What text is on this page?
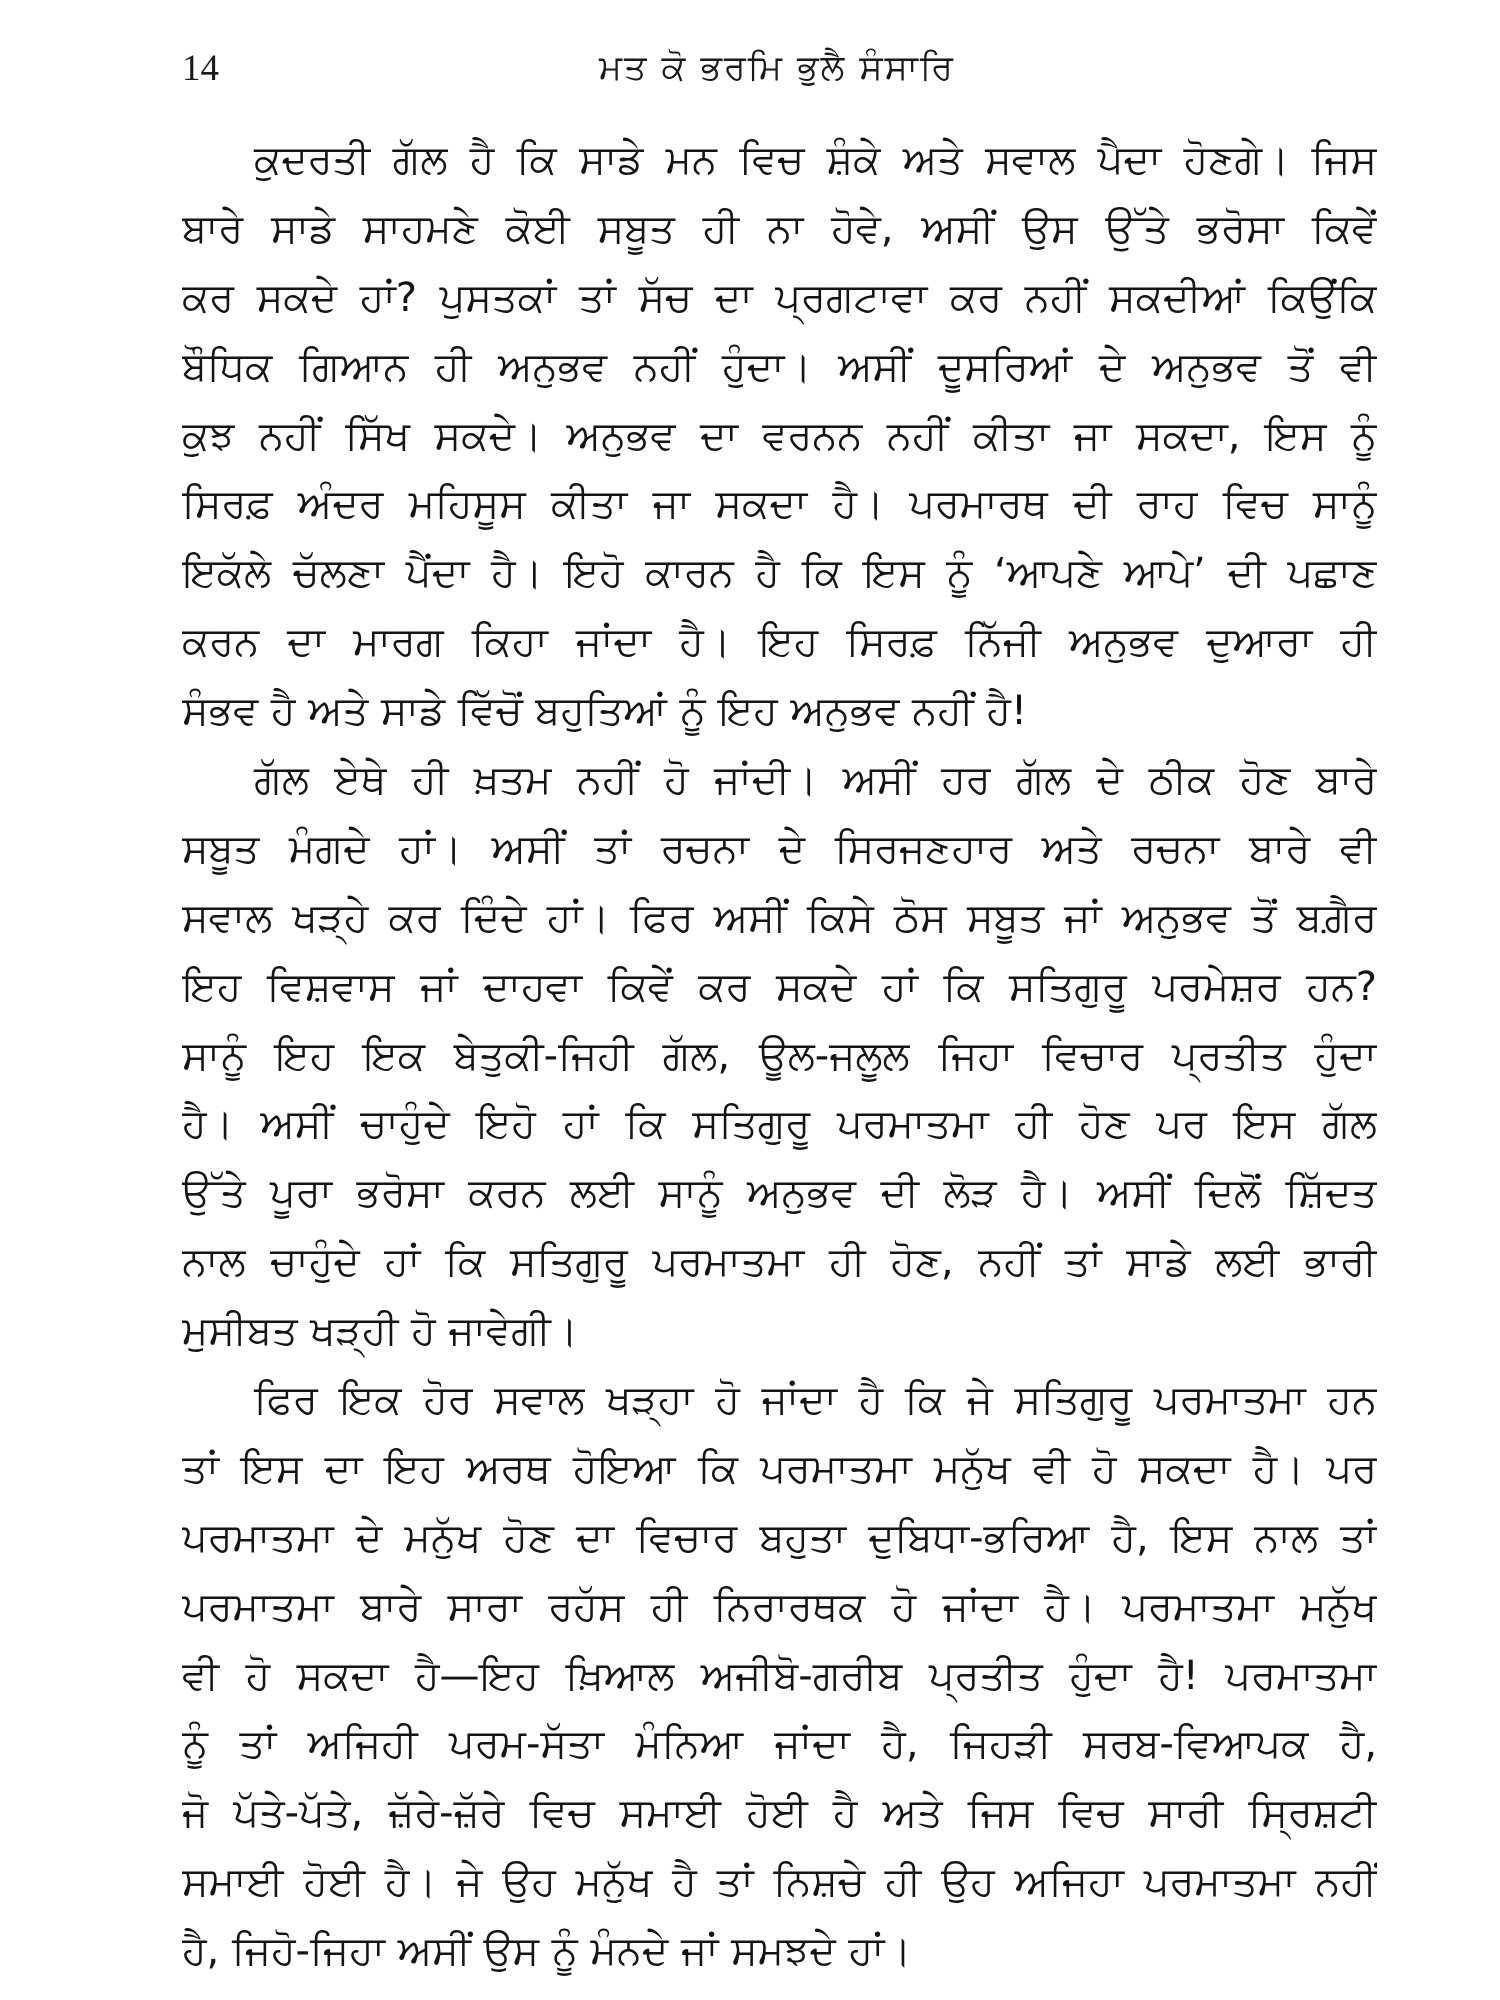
14	ਮਤ ਕੋ ਭਰਮਿ ਭੁਲੈ ਸੰਸਾਰਿ
ਕੁਦਰਤੀ ਗੱਲ ਹੈ ਕਿ ਸਾਡੇ ਮਨ ਵਿਚ ਸ਼ੰਕੇ ਅਤੇ ਸਵਾਲ ਪੈਦਾ ਹੋਣਗੇ। ਜਿਸ
ਬਾਰੇ ਸਾਡੇ ਸਾਹਮਣੇ ਕੋਈ ਸਬੂਤ ਹੀ ਨਾ ਹੋਵੇ, ਅਸੀਂ ਉਸ ਉੱਤੇ ਭਰੋਸਾ ਕਿਵੇਂ
ਕਰ ਸਕਦੇ ਹਾਂ? ਪੁਸਤਕਾਂ ਤਾਂ ਸੱਚ ਦਾ ਪ੍ਰਗਟਾਵਾ ਕਰ ਨਹੀਂ ਸਕਦੀਆਂ ਕਿਉਂਕਿ
ਬੌਧਿਕ ਗਿਆਨ ਹੀ ਅਨੁਭਵ ਨਹੀਂ ਹੁੰਦਾ। ਅਸੀਂ ਦੂਸਰਿਆਂ ਦੇ ਅਨੁਭਵ ਤੋਂ ਵੀ
ਕੁਝ ਨਹੀਂ ਸਿੱਖ ਸਕਦੇ। ਅਨੁਭਵ ਦਾ ਵਰਨਨ ਨਹੀਂ ਕੀਤਾ ਜਾ ਸਕਦਾ, ਇਸ ਨੂੰ
ਸਿਰਫ਼ ਅੰਦਰ ਮਹਿਸੂਸ ਕੀਤਾ ਜਾ ਸਕਦਾ ਹੈ। ਪਰਮਾਰਥ ਦੀ ਰਾਹ ਵਿਚ ਸਾਨੂੰ
ਇਕੱਲੇ ਚੱਲਣਾ ਪੈਂਦਾ ਹੈ। ਇਹੋ ਕਾਰਨ ਹੈ ਕਿ ਇਸ ਨੂੰ ‘ਆਪਣੇ ਆਪੇ’ ਦੀ ਪਛਾਣ
ਕਰਨ ਦਾ ਮਾਰਗ ਕਿਹਾ ਜਾਂਦਾ ਹੈ। ਇਹ ਸਿਰਫ਼ ਨਿੱਜੀ ਅਨੁਭਵ ਦੁਆਰਾ ਹੀ
ਸੰਭਵ ਹੈ ਅਤੇ ਸਾਡੇ ਵਿੱਚੋਂ ਬਹੁਤਿਆਂ ਨੂੰ ਇਹ ਅਨੁਭਵ ਨਹੀਂ ਹੈ!
ਗੱਲ ਏਥੇ ਹੀ ਖ਼ਤਮ ਨਹੀਂ ਹੋ ਜਾਂਦੀ। ਅਸੀਂ ਹਰ ਗੱਲ ਦੇ ਠੀਕ ਹੋਣ ਬਾਰੇ
ਸਬੂਤ ਮੰਗਦੇ ਹਾਂ। ਅਸੀਂ ਤਾਂ ਰਚਨਾ ਦੇ ਸਿਰਜਣਹਾਰ ਅਤੇ ਰਚਨਾ ਬਾਰੇ ਵੀ
ਸਵਾਲ ਖੜ੍ਹੇ ਕਰ ਦਿੰਦੇ ਹਾਂ। ਫਿਰ ਅਸੀਂ ਕਿਸੇ ਠੋਸ ਸਬੂਤ ਜਾਂ ਅਨੁਭਵ ਤੋਂ ਬਗ਼ੈਰ
ਇਹ ਵਿਸ਼ਵਾਸ ਜਾਂ ਦਾਹਵਾ ਕਿਵੇਂ ਕਰ ਸਕਦੇ ਹਾਂ ਕਿ ਸਤਿਗੁਰੂ ਪਰਮੇਸ਼ਰ ਹਨ?
ਸਾਨੂੰ ਇਹ ਇਕ ਬੇਤੁਕੀ-ਜਿਹੀ ਗੱਲ, ਊਲ-ਜਲੂਲ ਜਿਹਾ ਵਿਚਾਰ ਪ੍ਰਤੀਤ ਹੁੰਦਾ
ਹੈ। ਅਸੀਂ ਚਾਹੁੰਦੇ ਇਹੋ ਹਾਂ ਕਿ ਸਤਿਗੁਰੂ ਪਰਮਾਤਮਾ ਹੀ ਹੋਣ ਪਰ ਇਸ ਗੱਲ
ਉੱਤੇ ਪੂਰਾ ਭਰੋਸਾ ਕਰਨ ਲਈ ਸਾਨੂੰ ਅਨੁਭਵ ਦੀ ਲੋੜ ਹੈ। ਅਸੀਂ ਦਿਲੋਂ ਸ਼ਿੱਦਤ
ਨਾਲ ਚਾਹੁੰਦੇ ਹਾਂ ਕਿ ਸਤਿਗੁਰੂ ਪਰਮਾਤਮਾ ਹੀ ਹੋਣ, ਨਹੀਂ ਤਾਂ ਸਾਡੇ ਲਈ ਭਾਰੀ
ਮੁਸੀਬਤ ਖੜ੍ਹੀ ਹੋ ਜਾਵੇਗੀ।
ਫਿਰ ਇਕ ਹੋਰ ਸਵਾਲ ਖੜ੍ਹਾ ਹੋ ਜਾਂਦਾ ਹੈ ਕਿ ਜੇ ਸਤਿਗੁਰੂ ਪਰਮਾਤਮਾ ਹਨ
ਤਾਂ ਇਸ ਦਾ ਇਹ ਅਰਥ ਹੋਇਆ ਕਿ ਪਰਮਾਤਮਾ ਮਨੁੱਖ ਵੀ ਹੋ ਸਕਦਾ ਹੈ। ਪਰ
ਪਰਮਾਤਮਾ ਦੇ ਮਨੁੱਖ ਹੋਣ ਦਾ ਵਿਚਾਰ ਬਹੁਤਾ ਦੁਬਿਧਾ-ਭਰਿਆ ਹੈ, ਇਸ ਨਾਲ ਤਾਂ
ਪਰਮਾਤਮਾ ਬਾਰੇ ਸਾਰਾ ਰਹੱਸ ਹੀ ਨਿਰਾਰਥਕ ਹੋ ਜਾਂਦਾ ਹੈ। ਪਰਮਾਤਮਾ ਮਨੁੱਖ
ਵੀ ਹੋ ਸਕਦਾ ਹੈ—ਇਹ ਖ਼ਿਆਲ ਅਜੀਬੋ-ਗਰੀਬ ਪ੍ਰਤੀਤ ਹੁੰਦਾ ਹੈ! ਪਰਮਾਤਮਾ
ਨੂੰ ਤਾਂ ਅਜਿਹੀ ਪਰਮ-ਸੱਤਾ ਮੰਨਿਆ ਜਾਂਦਾ ਹੈ, ਜਿਹੜੀ ਸਰਬ-ਵਿਆਪਕ ਹੈ,
ਜੋ ਪੱਤੇ-ਪੱਤੇ, ਜ਼ੱਰੇ-ਜ਼ੱਰੇ ਵਿਚ ਸਮਾਈ ਹੋਈ ਹੈ ਅਤੇ ਜਿਸ ਵਿਚ ਸਾਰੀ ਸ੍ਰਿਸ਼ਟੀ
ਸਮਾਈ ਹੋਈ ਹੈ। ਜੇ ਉਹ ਮਨੁੱਖ ਹੈ ਤਾਂ ਨਿਸ਼ਚੇ ਹੀ ਉਹ ਅਜਿਹਾ ਪਰਮਾਤਮਾ ਨਹੀਂ
ਹੈ, ਜਿਹੋ-ਜਿਹਾ ਅਸੀਂ ਉਸ ਨੂੰ ਮੰਨਦੇ ਜਾਂ ਸਮਝਦੇ ਹਾਂ।
